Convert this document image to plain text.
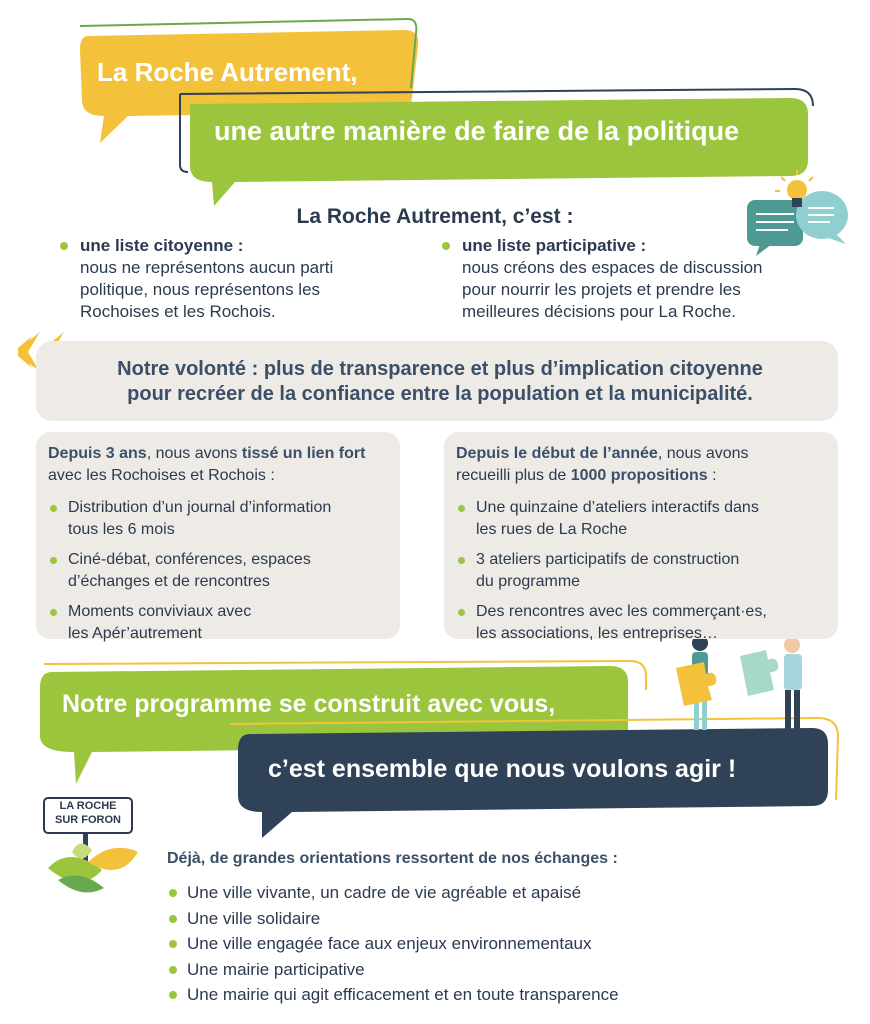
La Roche Autrement,
une autre manière de faire de la politique
La Roche Autrement, c’est :
une liste citoyenne :
nous ne représentons aucun parti
politique, nous représentons les
Rochoises et les Rochois.
une liste participative :
nous créons des espaces de discussion
pour nourrir les projets et prendre les
meilleures décisions pour La Roche.
Notre volonté : plus de transparence et plus d’implication citoyenne
pour recréer de la confiance entre la population et la municipalité.
Depuis 3 ans, nous avons tissé un lien fort
avec les Rochoises et Rochois :
Distribution d’un journal d’information
tous les 6 mois
Ciné-débat, conférences, espaces
d’échanges et de rencontres
Moments conviviaux avec
les Apér’autrement
Depuis le début de l’année, nous avons
recueilli plus de 1000 propositions :
Une quinzaine d’ateliers interactifs dans
les rues de La Roche
3 ateliers participatifs de construction
du programme
Des rencontres avec les commerçant·es,
les associations, les entreprises…
Notre programme se construit avec vous,
c’est ensemble que nous voulons agir !
LA ROCHE
SUR FORON
Déjà, de grandes orientations ressortent de nos échanges :
Une ville vivante, un cadre de vie agréable et apaisé
Une ville solidaire
Une ville engagée face aux enjeux environnementaux
Une mairie participative
Une mairie qui agit efficacement et en toute transparence
